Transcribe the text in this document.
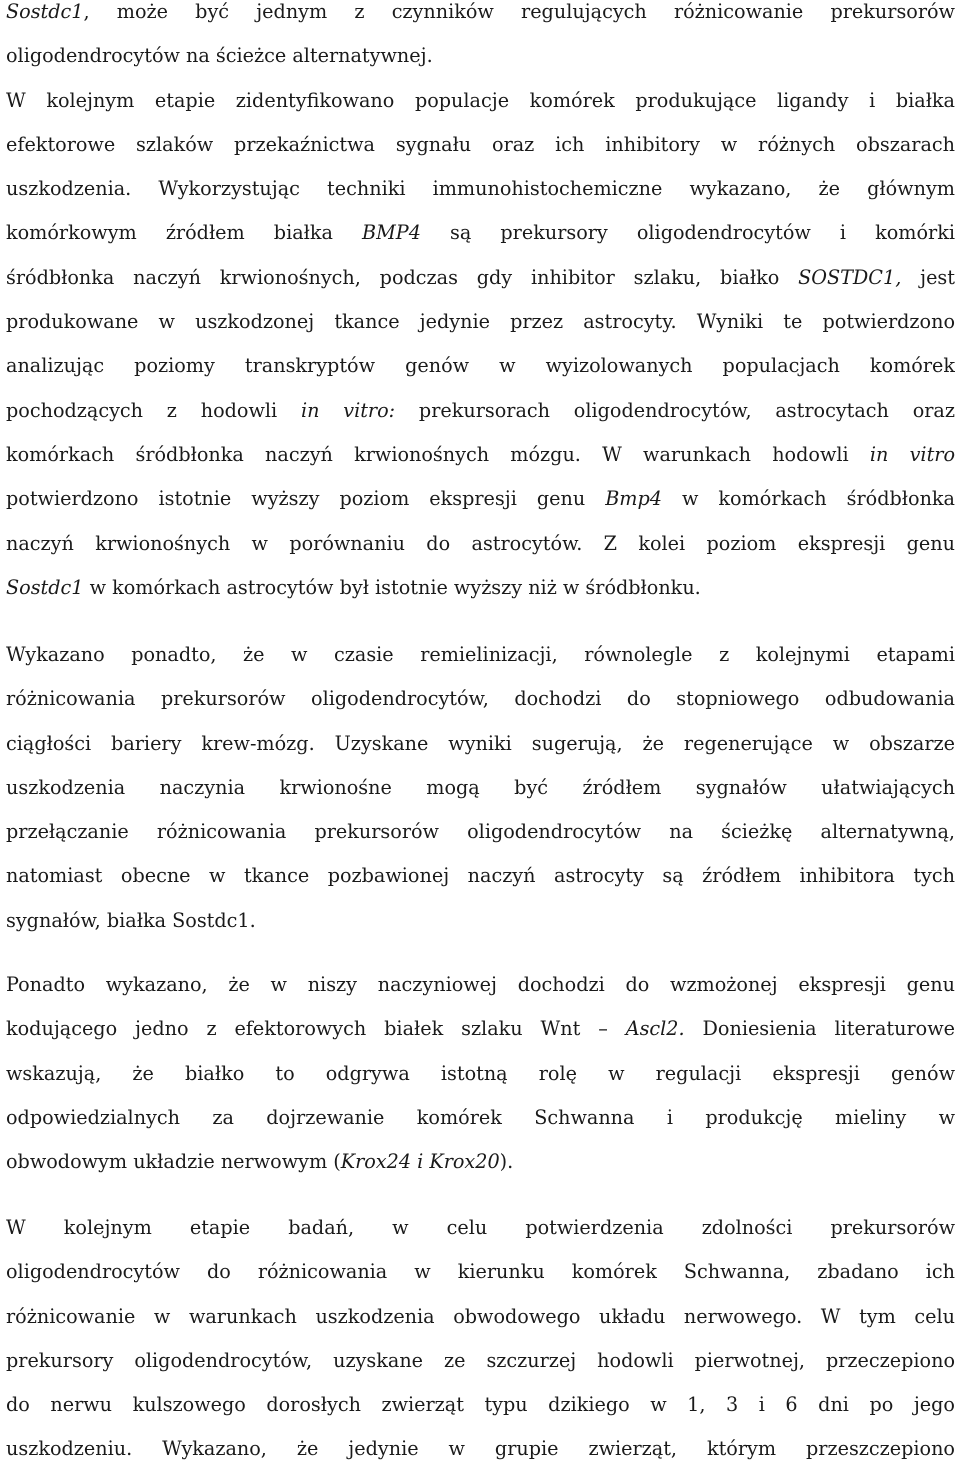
Sostdc1, może być jednym z czynników regulujących różnicowanie prekursorów
oligodendrocytów na ścieżce alternatywnej.
W kolejnym etapie zidentyfikowano populacje komórek produkujące ligandy i białka
efektorowe szlaków przekaźnictwa sygnału oraz ich inhibitory w różnych obszarach
uszkodzenia. Wykorzystując techniki immunohistochemiczne wykazano, że głównym
komórkowym źródłem białka BMP4 są prekursory oligodendrocytów i komórki
śródbłonka naczyń krwionośnych, podczas gdy inhibitor szlaku, białko SOSTDC1, jest
produkowane w uszkodzonej tkance jedynie przez astrocyty. Wyniki te potwierdzono
analizując poziomy transkryptów genów w wyizolowanych populacjach komórek
pochodzących z hodowli in vitro: prekursorach oligodendrocytów, astrocytach oraz
komórkach śródbłonka naczyń krwionośnych mózgu. W warunkach hodowli in vitro
potwierdzono istotnie wyższy poziom ekspresji genu Bmp4 w komórkach śródbłonka
naczyń krwionośnych w porównaniu do astrocytów. Z kolei poziom ekspresji genu
Sostdc1 w komórkach astrocytów był istotnie wyższy niż w śródbłonku.
Wykazano ponadto, że w czasie remielinizacji, równolegle z kolejnymi etapami
różnicowania prekursorów oligodendrocytów, dochodzi do stopniowego odbudowania
ciągłości bariery krew-mózg. Uzyskane wyniki sugerują, że regenerujące w obszarze
uszkodzenia naczynia krwionośne mogą być źródłem sygnałów ułatwiających
przełączanie różnicowania prekursorów oligodendrocytów na ścieżkę alternatywną,
natomiast obecne w tkance pozbawionej naczyń astrocyty są źródłem inhibitora tych
sygnałów, białka Sostdc1.
Ponadto wykazano, że w niszy naczyniowej dochodzi do wzmożonej ekspresji genu
kodującego jedno z efektorowych białek szlaku Wnt – Ascl2. Doniesienia literaturowe
wskazują, że białko to odgrywa istotną rolę w regulacji ekspresji genów
odpowiedzialnych za dojrzewanie komórek Schwanna i produkcję mieliny w
obwodowym układzie nerwowym (Krox24 i Krox20).
W kolejnym etapie badań, w celu potwierdzenia zdolności prekursorów
oligodendrocytów do różnicowania w kierunku komórek Schwanna, zbadano ich
różnicowanie w warunkach uszkodzenia obwodowego układu nerwowego. W tym celu
prekursory oligodendrocytów, uzyskane ze szczurzej hodowli pierwotnej, przeczepiono
do nerwu kulszowego dorosłych zwierząt typu dzikiego w 1, 3 i 6 dni po jego
uszkodzeniu. Wykazano, że jedynie w grupie zwierząt, którym przeszczepiono
